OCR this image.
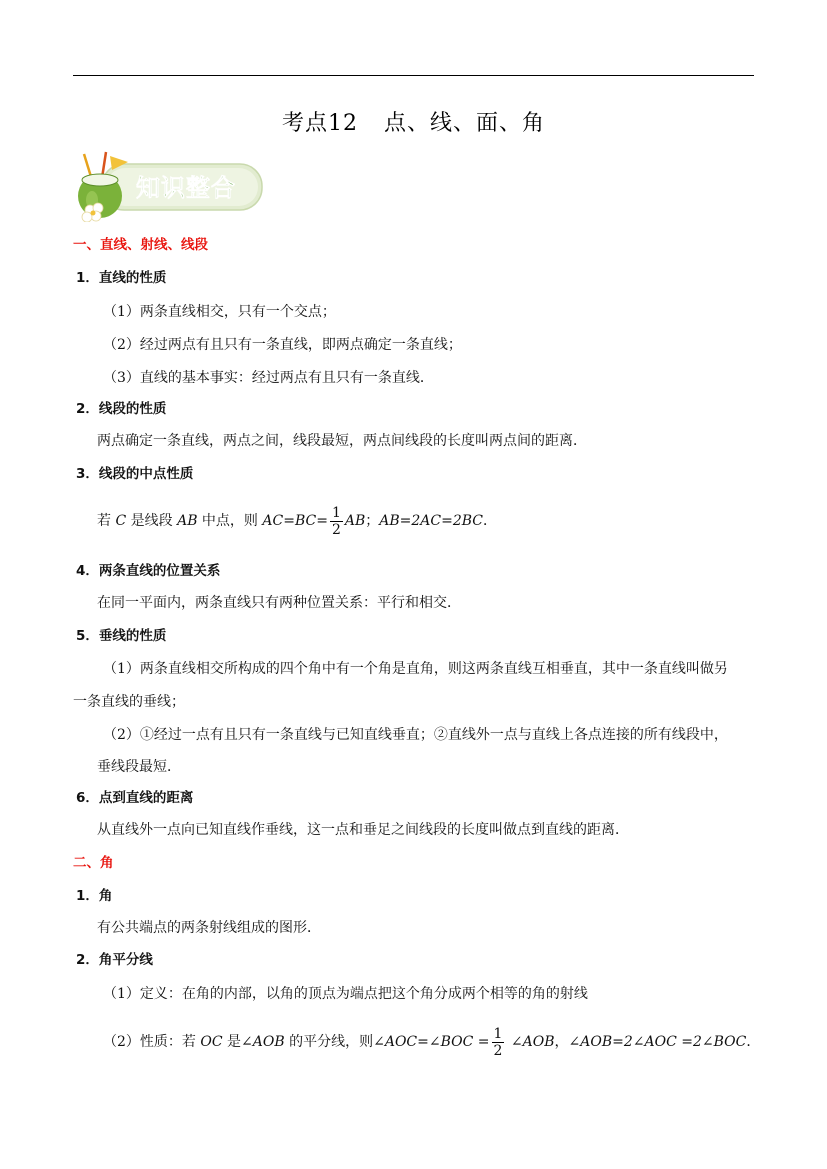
考点12 点、线、面、角
知识整合
一、直线、射线、线段
1．直线的性质
（1）两条直线相交，只有一个交点；
（2）经过两点有且只有一条直线，即两点确定一条直线；
（3）直线的基本事实：经过两点有且只有一条直线．
2．线段的性质
两点确定一条直线，两点之间，线段最短，两点间线段的长度叫两点间的距离．
3．线段的中点性质
若 C 是线段 AB 中点，则 $AC=BC= \frac{1}{2}$ AB；AB=2AC=2BC．
4．两条直线的位置关系
在同一平面内，两条直线只有两种位置关系：平行和相交．
5．垂线的性质
（1）两条直线相交所构成的四个角中有一个角是直角，则这两条直线互相垂直，其中一条直线叫做另
一条直线的垂线；
（2）①经过一点有且只有一条直线与已知直线垂直；②直线外一点与直线上各点连接的所有线段中，
垂线段最短．
6．点到直线的距离
从直线外一点向已知直线作垂线，这一点和垂足之间线段的长度叫做点到直线的距离．
二、角
1．角
有公共端点的两条射线组成的图形．
2．角平分线
（1）定义：在角的内部，以角的顶点为端点把这个角分成两个相等的角的射线
（2）性质：若 OC 是∠AOB 的平分线，则∠AOC=∠BOC = $\frac{1}{2}$ ∠AOB，∠AOB=2∠AOC =2∠BOC．
